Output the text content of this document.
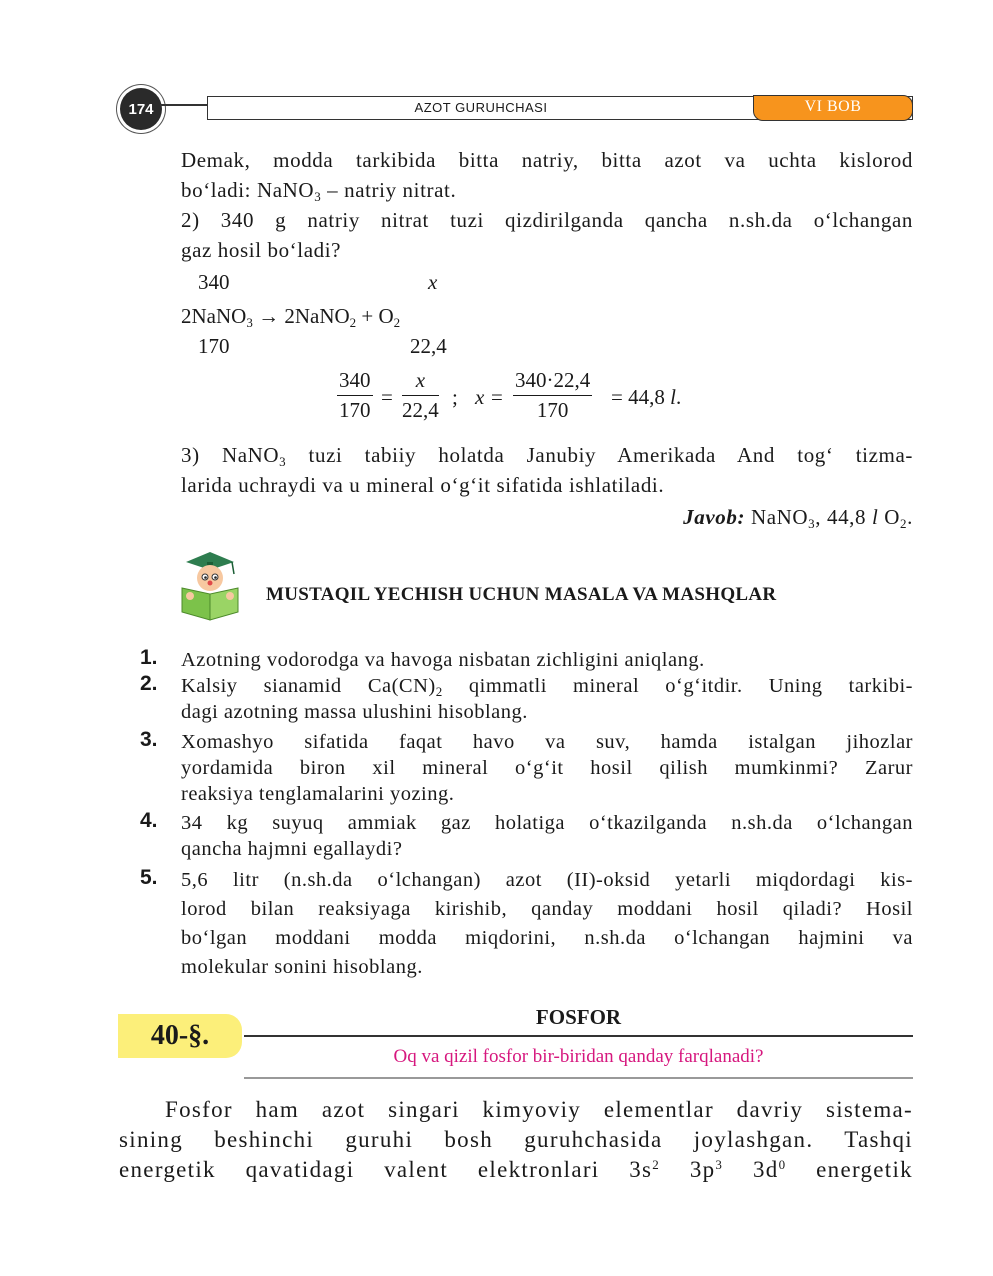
174	AZOT GURUHCHASI	VI BOB
Demak, modda tarkibida bitta natriy, bitta azot va uchta kislorod
bo‘ladi: NaNO$_3$ – natriy nitrat.
2) 340 g natriy nitrat tuzi qizdirilganda qancha n.sh.da o‘lchangan
gaz hosil bo‘ladi?
340	x
2NaNO$_3$ → 2NaNO$_2$ + $O_2$
170	22,4
340
170
=
x
22,4
; x =
340·22,4
170
= 44,8 l.
3) NaNO$_3$ tuzi tabiiy holatda Janubiy Amerikada And tog‘ tizma-
larida uchraydi va u mineral o‘g‘it sifatida ishlatiladi.
Javob: NaNO$_3$, 44,8 l $O_2$.
MUSTAQIL YECHISH UCHUN MASALA VA MASHQLAR
1. Azotning vodorodga va havoga nisbatan zichligini aniqlang.
2. Kalsiy sianamid $Ca(CN)_2$ qimmatli mineral o‘g‘itdir. Uning tarkibi-
dagi azotning massa ulushini hisoblang.
3. Xomashyo sifatida faqat havo va suv, hamda istalgan jihozlar
yordamida biron xil mineral o‘g‘it hosil qilish mumkinmi? Zarur
reaksiya tenglamalarini yozing.
4. 34 kg suyuq ammiak gaz holatiga o‘tkazilganda n.sh.da o‘lchangan
qancha hajmni egallaydi?
5. 5,6 litr (n.sh.da o‘lchangan) azot (II)-oksid yetarli miqdordagi kis-
lorod bilan reaksiyaga kirishib, qanday moddani hosil qiladi? Hosil
bo‘lgan moddani modda miqdorini, n.sh.da o‘lchangan hajmini va
molekular sonini hisoblang.
40-§.
FOSFOR
Oq va qizil fosfor bir-biridan qanday farqlanadi?
Fosfor ham azot singari kimyoviy elementlar davriy sistema-
sining beshinchi guruhi bosh guruhchasida joylashgan. Tashqi
energetik qavatidagi valent elektronlari $3s^2$ $3p^3$ $3d^0$ energetik
